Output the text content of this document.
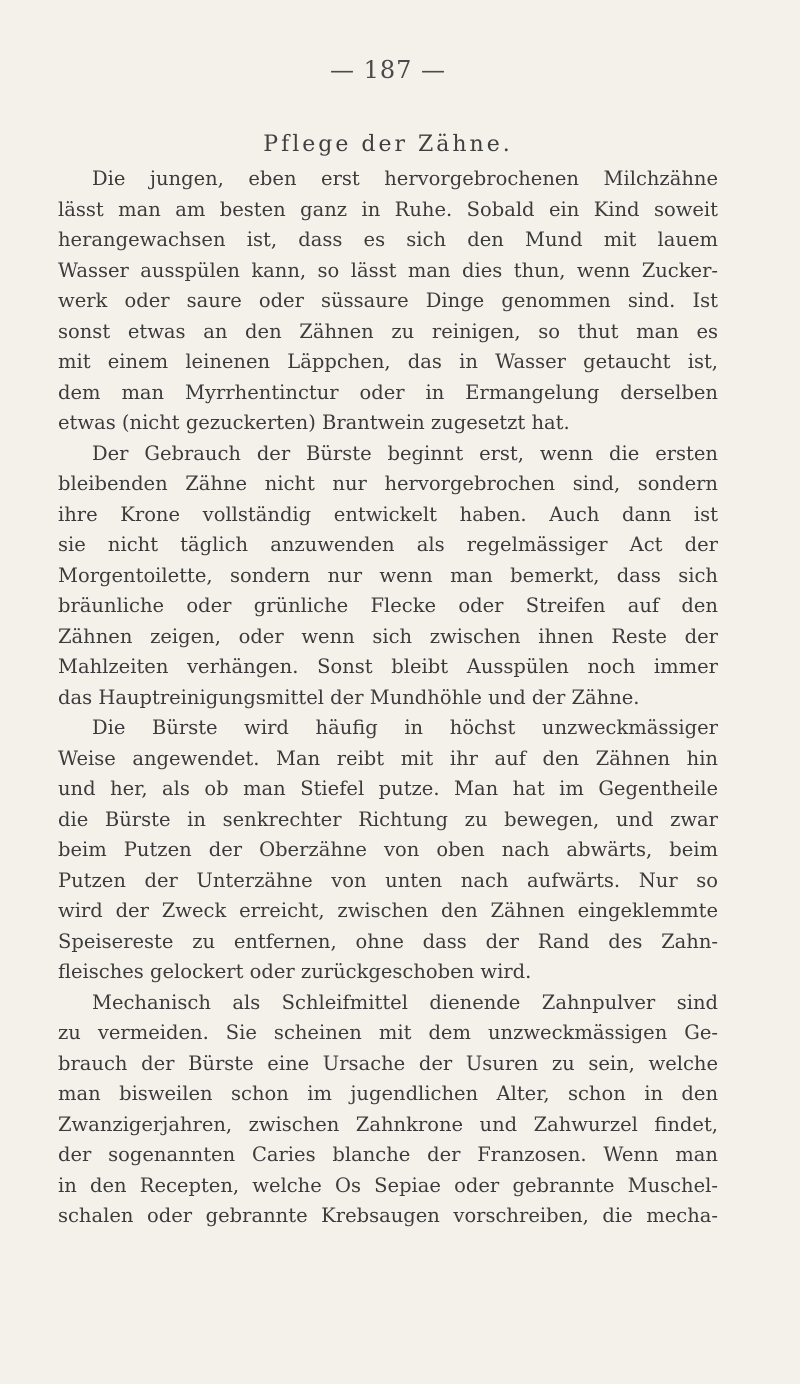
— 187 —
Pflege der Zähne.
Die jungen, eben erst hervorgebrochenen Milchzähne
lässt man am besten ganz in Ruhe. Sobald ein Kind soweit
herangewachsen ist, dass es sich den Mund mit lauem
Wasser ausspülen kann, so lässt man dies thun, wenn Zucker-
werk oder saure oder süssaure Dinge genommen sind. Ist
sonst etwas an den Zähnen zu reinigen, so thut man es
mit einem leinenen Läppchen, das in Wasser getaucht ist,
dem man Myrrhentinctur oder in Ermangelung derselben
etwas (nicht gezuckerten) Brantwein zugesetzt hat.
Der Gebrauch der Bürste beginnt erst, wenn die ersten
bleibenden Zähne nicht nur hervorgebrochen sind, sondern
ihre Krone vollständig entwickelt haben. Auch dann ist
sie nicht täglich anzuwenden als regelmässiger Act der
Morgentoilette, sondern nur wenn man bemerkt, dass sich
bräunliche oder grünliche Flecke oder Streifen auf den
Zähnen zeigen, oder wenn sich zwischen ihnen Reste der
Mahlzeiten verhängen. Sonst bleibt Ausspülen noch immer
das Hauptreinigungsmittel der Mundhöhle und der Zähne.
Die Bürste wird häufig in höchst unzweckmässiger
Weise angewendet. Man reibt mit ihr auf den Zähnen hin
und her, als ob man Stiefel putze. Man hat im Gegentheile
die Bürste in senkrechter Richtung zu bewegen, und zwar
beim Putzen der Oberzähne von oben nach abwärts, beim
Putzen der Unterzähne von unten nach aufwärts. Nur so
wird der Zweck erreicht, zwischen den Zähnen eingeklemmte
Speisereste zu entfernen, ohne dass der Rand des Zahn-
fleisches gelockert oder zurückgeschoben wird.
Mechanisch als Schleifmittel dienende Zahnpulver sind
zu vermeiden. Sie scheinen mit dem unzweckmässigen Ge-
brauch der Bürste eine Ursache der Usuren zu sein, welche
man bisweilen schon im jugendlichen Alter, schon in den
Zwanzigerjahren, zwischen Zahnkrone und Zahwurzel findet,
der sogenannten Caries blanche der Franzosen. Wenn man
in den Recepten, welche Os Sepiae oder gebrannte Muschel-
schalen oder gebrannte Krebsaugen vorschreiben, die mecha-
